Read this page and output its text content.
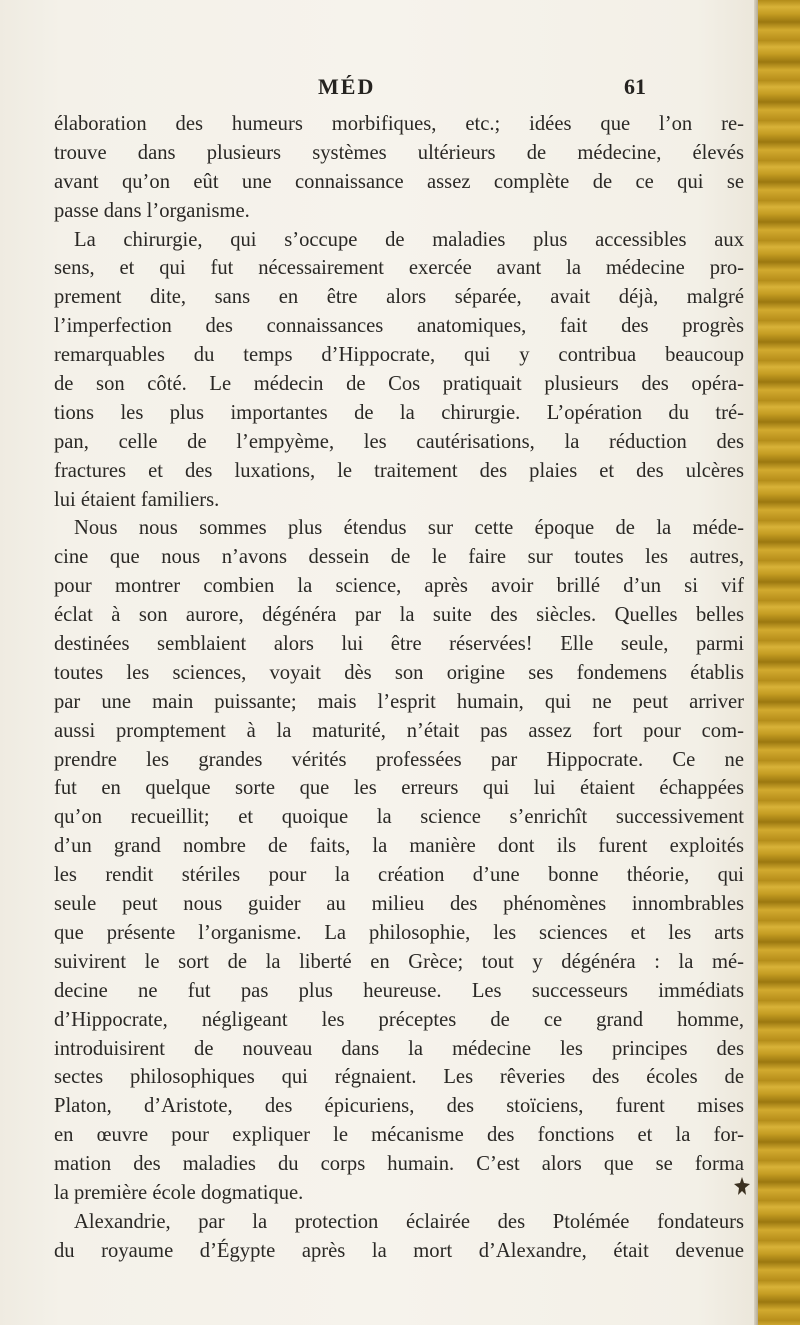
MÉD	61
élaboration des humeurs morbifiques, etc.; idées que l’on re-
trouve dans plusieurs systèmes ultérieurs de médecine, élevés
avant qu’on eût une connaissance assez complète de ce qui se
passe dans l’organisme.
La chirurgie, qui s’occupe de maladies plus accessibles aux
sens, et qui fut nécessairement exercée avant la médecine pro-
prement dite, sans en être alors séparée, avait déjà, malgré
l’imperfection des connaissances anatomiques, fait des progrès
remarquables du temps d’Hippocrate, qui y contribua beaucoup
de son côté. Le médecin de Cos pratiquait plusieurs des opéra-
tions les plus importantes de la chirurgie. L’opération du tré-
pan, celle de l’empyème, les cautérisations, la réduction des
fractures et des luxations, le traitement des plaies et des ulcères
lui étaient familiers.
Nous nous sommes plus étendus sur cette époque de la méde-
cine que nous n’avons dessein de le faire sur toutes les autres,
pour montrer combien la science, après avoir brillé d’un si vif
éclat à son aurore, dégénéra par la suite des siècles. Quelles belles
destinées semblaient alors lui être réservées! Elle seule, parmi
toutes les sciences, voyait dès son origine ses fondemens établis
par une main puissante; mais l’esprit humain, qui ne peut arriver
aussi promptement à la maturité, n’était pas assez fort pour com-
prendre les grandes vérités professées par Hippocrate. Ce ne
fut en quelque sorte que les erreurs qui lui étaient échappées
qu’on recueillit; et quoique la science s’enrichît successivement
d’un grand nombre de faits, la manière dont ils furent exploités
les rendit stériles pour la création d’une bonne théorie, qui
seule peut nous guider au milieu des phénomènes innombrables
que présente l’organisme. La philosophie, les sciences et les arts
suivirent le sort de la liberté en Grèce; tout y dégénéra : la mé-
decine ne fut pas plus heureuse. Les successeurs immédiats
d’Hippocrate, négligeant les préceptes de ce grand homme,
introduisirent de nouveau dans la médecine les principes des
sectes philosophiques qui régnaient. Les rêveries des écoles de
Platon, d’Aristote, des épicuriens, des stoïciens, furent mises
en œuvre pour expliquer le mécanisme des fonctions et la for-
mation des maladies du corps humain. C’est alors que se forma
la première école dogmatique.
Alexandrie, par la protection éclairée des Ptolémée fondateurs
du royaume d’Égypte après la mort d’Alexandre, était devenue
